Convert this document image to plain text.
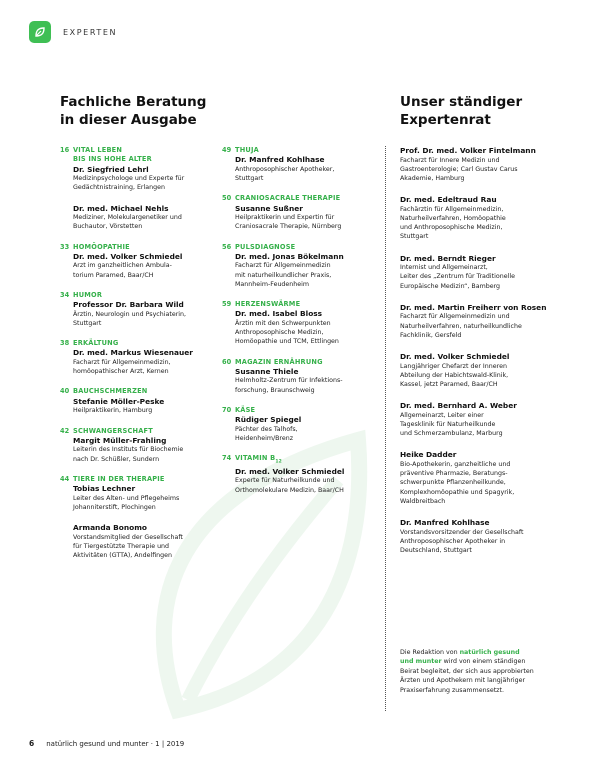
EXPERTEN
Fachliche Beratung
in dieser Ausgabe
Unser ständiger
Expertenrat
16 VITAL LEBEN
BIS INS HOHE ALTER
Dr. Siegfried Lehrl
Medizinpsychologe und Experte für
Gedächtnistraining, Erlangen
Dr. med. Michael Nehls
Mediziner, Molekulargenetiker und
Buchautor, Vörstetten
33 HOMÖOPATHIE
Dr. med. Volker Schmiedel
Arzt im ganzheitlichen Ambula-
torium Paramed, Baar/CH
34 HUMOR
Professor Dr. Barbara Wild
Ärztin, Neurologin und Psychiaterin,
Stuttgart
38 ERKÄLTUNG
Dr. med. Markus Wiesenauer
Facharzt für Allgemeinmedizin,
homöopathischer Arzt, Kernen
40 BAUCHSCHMERZEN
Stefanie Möller-Peske
Heilpraktikerin, Hamburg
42 SCHWANGERSCHAFT
Margit Müller-Frahling
Leiterin des Instituts für Biochemie
nach Dr. Schüßler, Sundern
44 TIERE IN DER THERAPIE
Tobias Lechner
Leiter des Alten- und Pflegeheims
Johanniterstift, Plochingen
Armanda Bonomo
Vorstandsmitglied der Gesellschaft
für Tiergestützte Therapie und
Aktivitäten (GTTA), Andelfingen
49 THUJA
Dr. Manfred Kohlhase
Anthroposophischer Apotheker,
Stuttgart
50 CRANIOSACRALE THERAPIE
Susanne Sußner
Heilpraktikerin und Expertin für
Craniosacrale Therapie, Nürnberg
56 PULSDIAGNOSE
Dr. med. Jonas Bökelmann
Facharzt für Allgemeinmedizin
mit naturheilkundlicher Praxis,
Mannheim-Feudenheim
59 HERZENSWÄRME
Dr. med. Isabel Bloss
Ärztin mit den Schwerpunkten
Anthroposophische Medizin,
Homöopathie und TCM, Ettlingen
60 MAGAZIN ERNÄHRUNG
Susanne Thiele
Helmholtz-Zentrum für Infektions-
forschung, Braunschweig
70 KÄSE
Rüdiger Spiegel
Pächter des Talhofs,
Heidenheim/Brenz
74 VITAMIN $B_{12}$
Dr. med. Volker Schmiedel
Experte für Naturheilkunde und
Orthomolekulare Medizin, Baar/CH
Prof. Dr. med. Volker Fintelmann
Facharzt für Innere Medizin und
Gastroenterologie; Carl Gustav Carus
Akademie, Hamburg
Dr. med. Edeltraud Rau
Fachärztin für Allgemeinmedizin,
Naturheilverfahren, Homöopathie
und Anthroposophische Medizin,
Stuttgart
Dr. med. Berndt Rieger
Internist und Allgemeinarzt,
Leiter des „Zentrum für Traditionelle
Europäische Medizin“, Bamberg
Dr. med. Martin Freiherr von Rosen
Facharzt für Allgemeinmedizin und
Naturheilverfahren, naturheilkundliche
Fachklinik, Gersfeld
Dr. med. Volker Schmiedel
Langjähriger Chefarzt der Inneren
Abteilung der Habichtswald-Klinik,
Kassel, jetzt Paramed, Baar/CH
Dr. med. Bernhard A. Weber
Allgemeinarzt, Leiter einer
Tagesklinik für Naturheilkunde
und Schmerzambulanz, Marburg
Heike Dadder
Bio-Apothekerin, ganzheitliche und
präventive Pharmazie, Beratungs-
schwerpunkte Pflanzenheilkunde,
Komplexhomöopathie und Spagyrik,
Waldbreitbach
Dr. Manfred Kohlhase
Vorstandsvorsitzender der Gesellschaft
Anthroposophischer Apotheker in
Deutschland, Stuttgart
Die Redaktion von natürlich gesund
und munter wird von einem ständigen
Beirat begleitet, der sich aus approbierten
Ärzten und Apothekern mit langjähriger
Praxiserfahrung zusammensetzt.
6 natürlich gesund und munter · 1 | 2019
